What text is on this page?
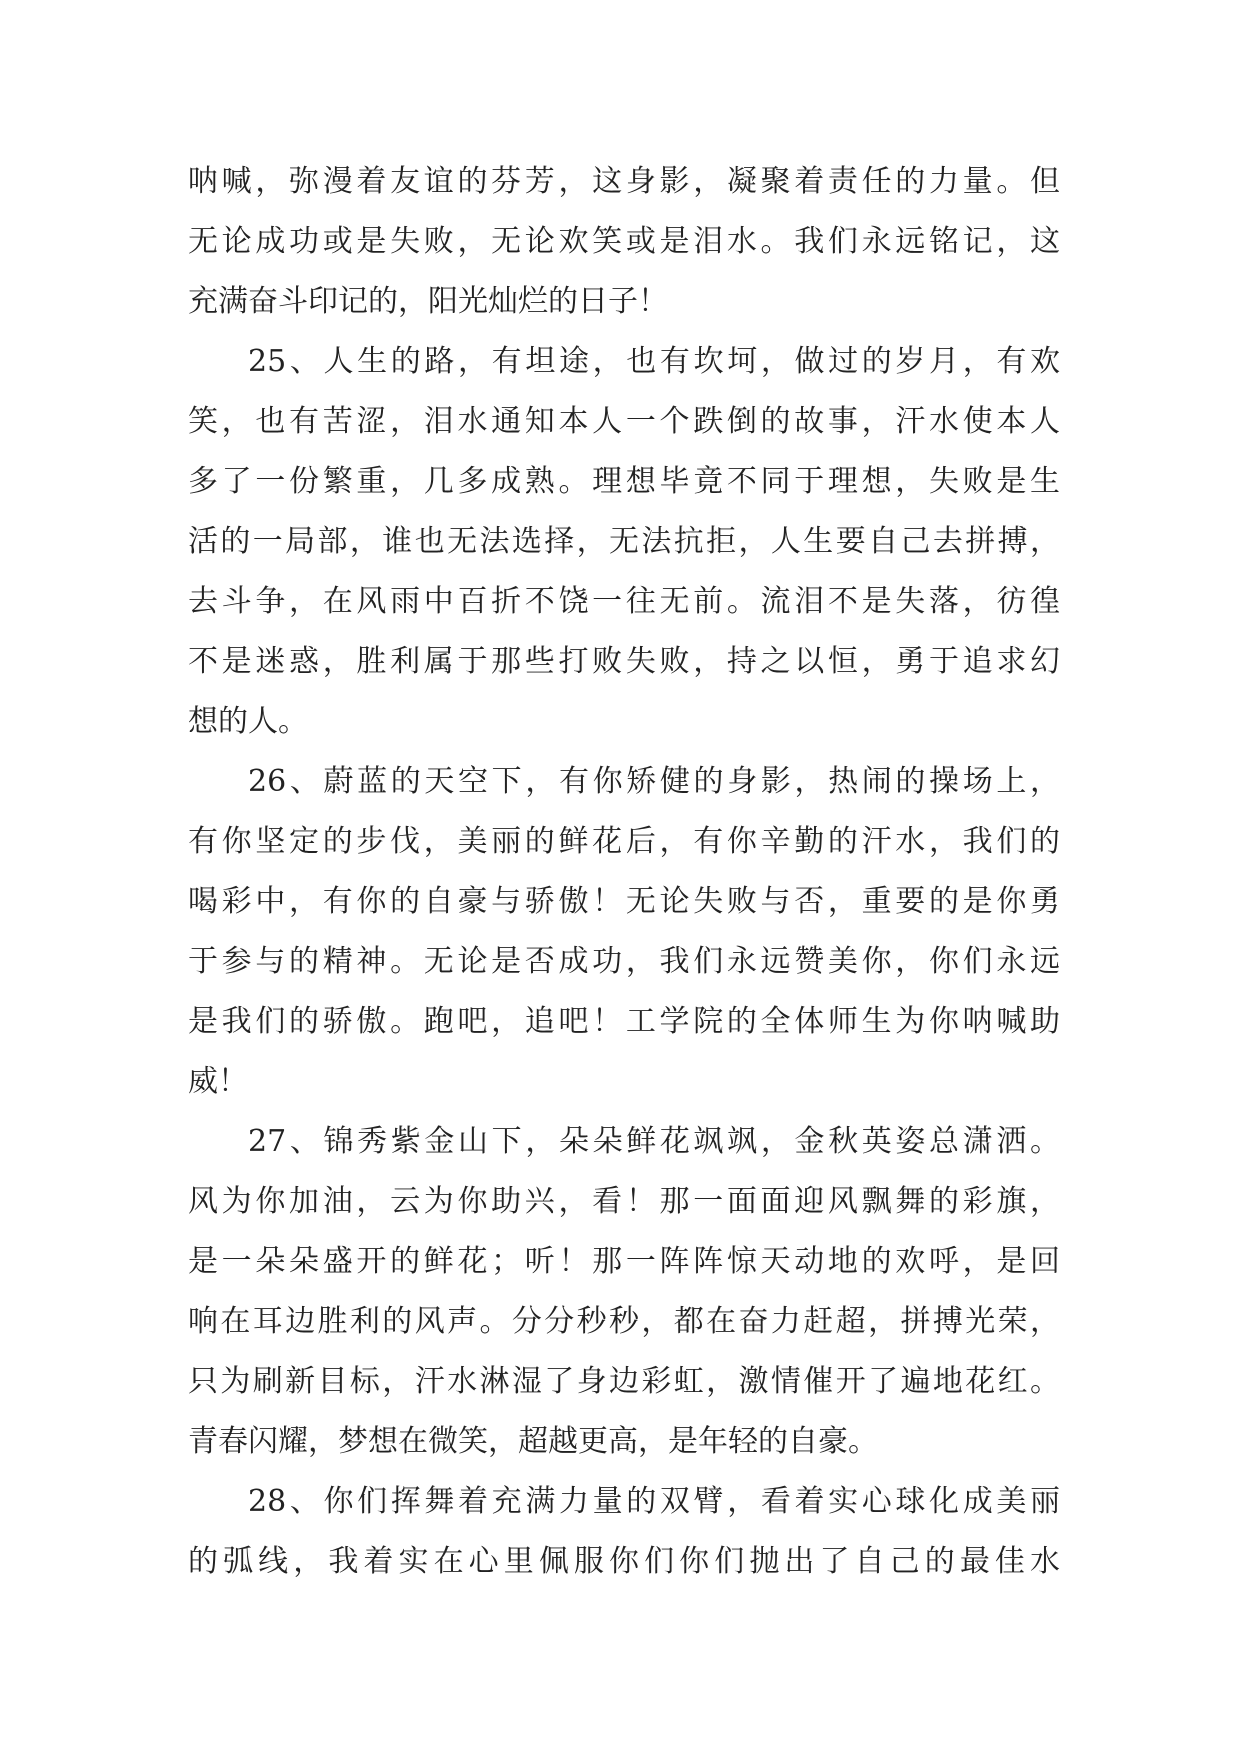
呐喊，弥漫着友谊的芬芳，这身影，凝聚着责任的力量。但
无论成功或是失败，无论欢笑或是泪水。我们永远铭记，这
充满奋斗印记的，阳光灿烂的日子！
25、人生的路，有坦途，也有坎坷，做过的岁月，有欢
笑，也有苦涩，泪水通知本人一个跌倒的故事，汗水使本人
多了一份繁重，几多成熟。理想毕竟不同于理想，失败是生
活的一局部，谁也无法选择，无法抗拒，人生要自己去拼搏，
去斗争，在风雨中百折不饶一往无前。流泪不是失落，彷徨
不是迷惑，胜利属于那些打败失败，持之以恒，勇于追求幻
想的人。
26、蔚蓝的天空下，有你矫健的身影，热闹的操场上，
有你坚定的步伐，美丽的鲜花后，有你辛勤的汗水，我们的
喝彩中，有你的自豪与骄傲！无论失败与否，重要的是你勇
于参与的精神。无论是否成功，我们永远赞美你，你们永远
是我们的骄傲。跑吧，追吧！工学院的全体师生为你呐喊助
威！
27、锦秀紫金山下，朵朵鲜花飒飒，金秋英姿总潇洒。
风为你加油，云为你助兴，看！那一面面迎风飘舞的彩旗，
是一朵朵盛开的鲜花；听！那一阵阵惊天动地的欢呼，是回
响在耳边胜利的风声。分分秒秒，都在奋力赶超，拼搏光荣，
只为刷新目标，汗水淋湿了身边彩虹，激情催开了遍地花红。
青春闪耀，梦想在微笑，超越更高，是年轻的自豪。
28、你们挥舞着充满力量的双臂，看着实心球化成美丽
的弧线，我着实在心里佩服你们你们抛出了自己的最佳水
